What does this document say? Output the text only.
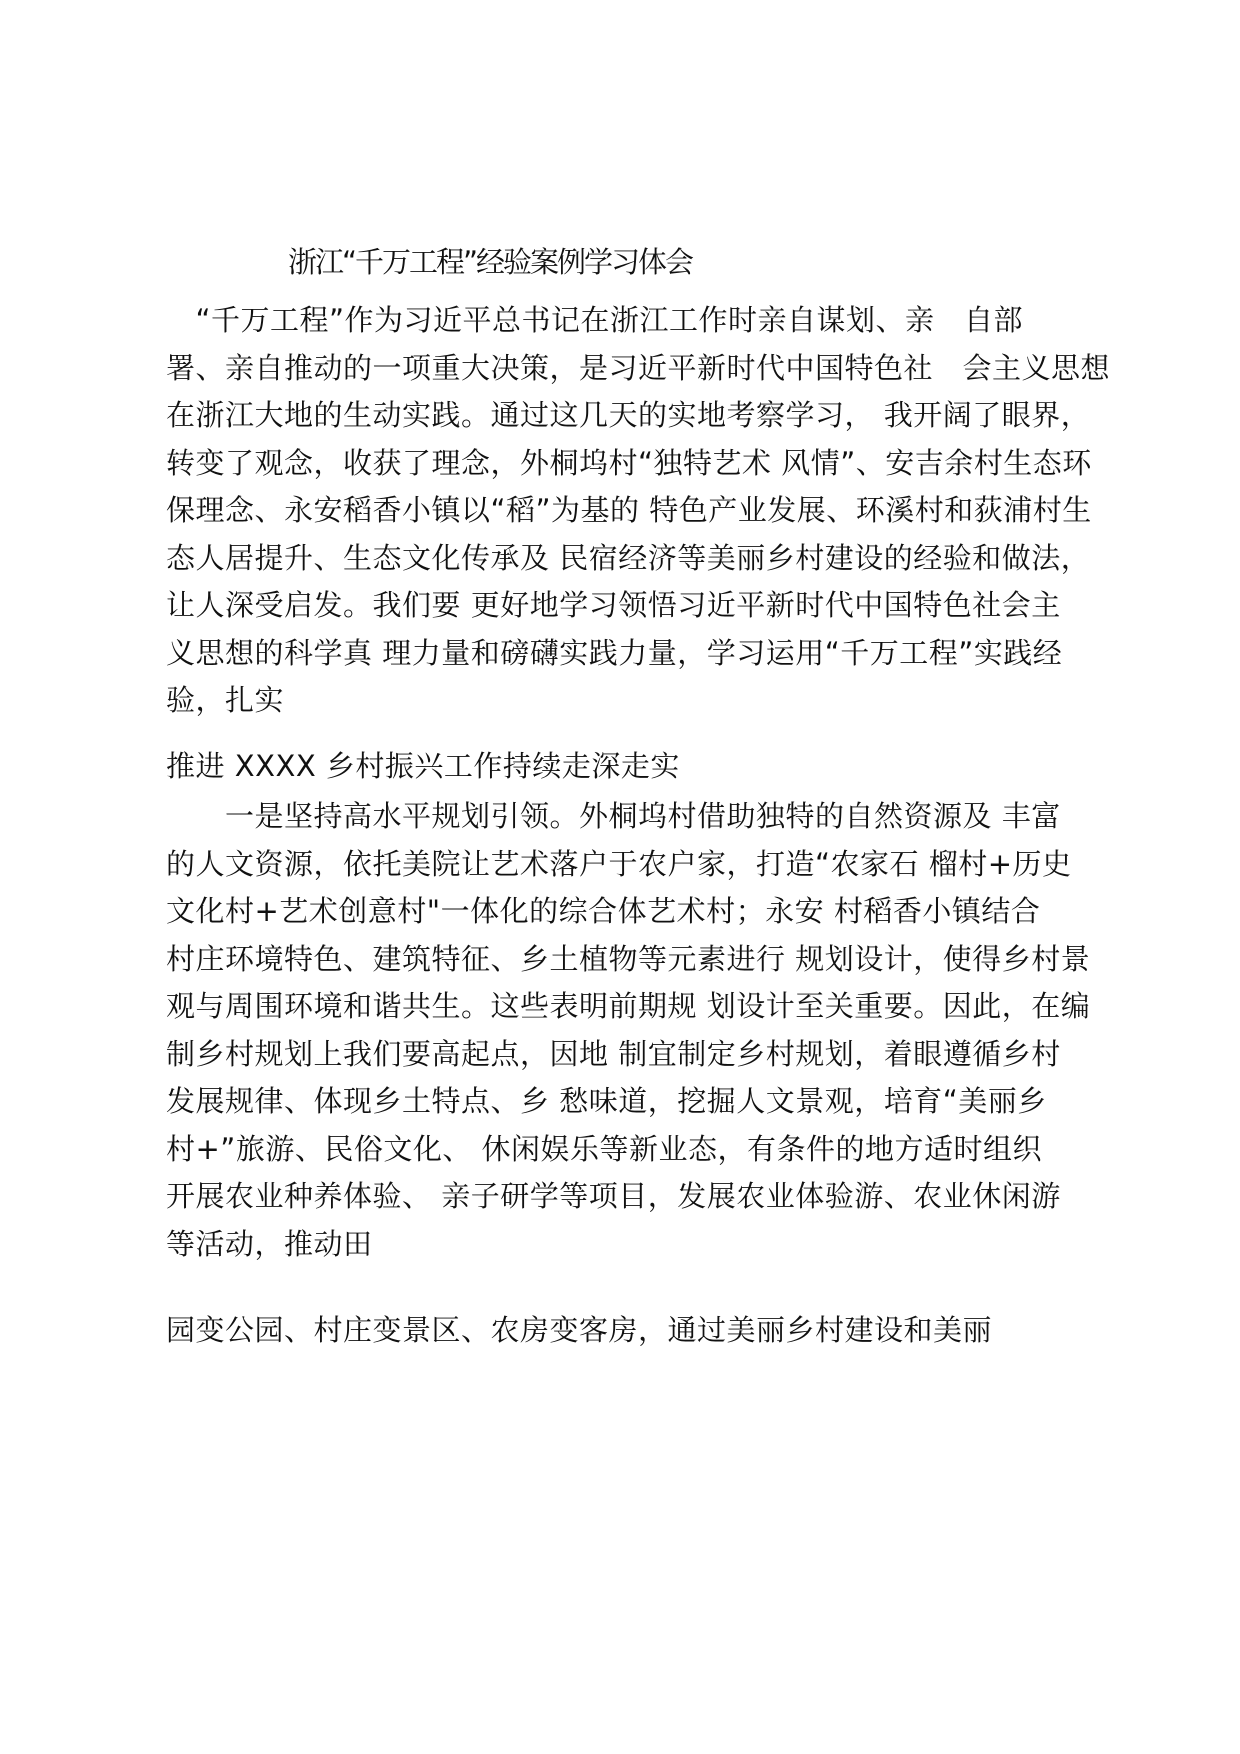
浙江“千万工程”经验案例学习体会
　“千万工程”作为习近平总书记在浙江工作时亲自谋划、亲　自部
署、亲自推动的一项重大决策，是习近平新时代中国特色社　会主义思想
在浙江大地的生动实践。通过这几天的实地考察学习， 我开阔了眼界，
转变了观念，收获了理念，外桐坞村“独特艺术 风情”、安吉余村生态环
保理念、永安稻香小镇以“稻”为基的 特色产业发展、环溪村和荻浦村生
态人居提升、生态文化传承及 民宿经济等美丽乡村建设的经验和做法，
让人深受启发。我们要 更好地学习领悟习近平新时代中国特色社会主
义思想的科学真 理力量和磅礴实践力量，学习运用“千万工程”实践经
验，扎实
推进 XXXX 乡村振兴工作持续走深走实
　　一是坚持高水平规划引领。外桐坞村借助独特的自然资源及 丰富
的人文资源，依托美院让艺术落户于农户家，打造“农家石 榴村+历史
文化村+艺术创意村"一体化的综合体艺术村；永安 村稻香小镇结合
村庄环境特色、建筑特征、乡土植物等元素进行 规划设计，使得乡村景
观与周围环境和谐共生。这些表明前期规 划设计至关重要。因此，在编
制乡村规划上我们要高起点，因地 制宜制定乡村规划，着眼遵循乡村
发展规律、体现乡土特点、乡 愁味道，挖掘人文景观，培育“美丽乡
村+”旅游、民俗文化、 休闲娱乐等新业态，有条件的地方适时组织
开展农业种养体验、 亲子研学等项目，发展农业体验游、农业休闲游
等活动，推动田
园变公园、村庄变景区、农房变客房，通过美丽乡村建设和美丽
